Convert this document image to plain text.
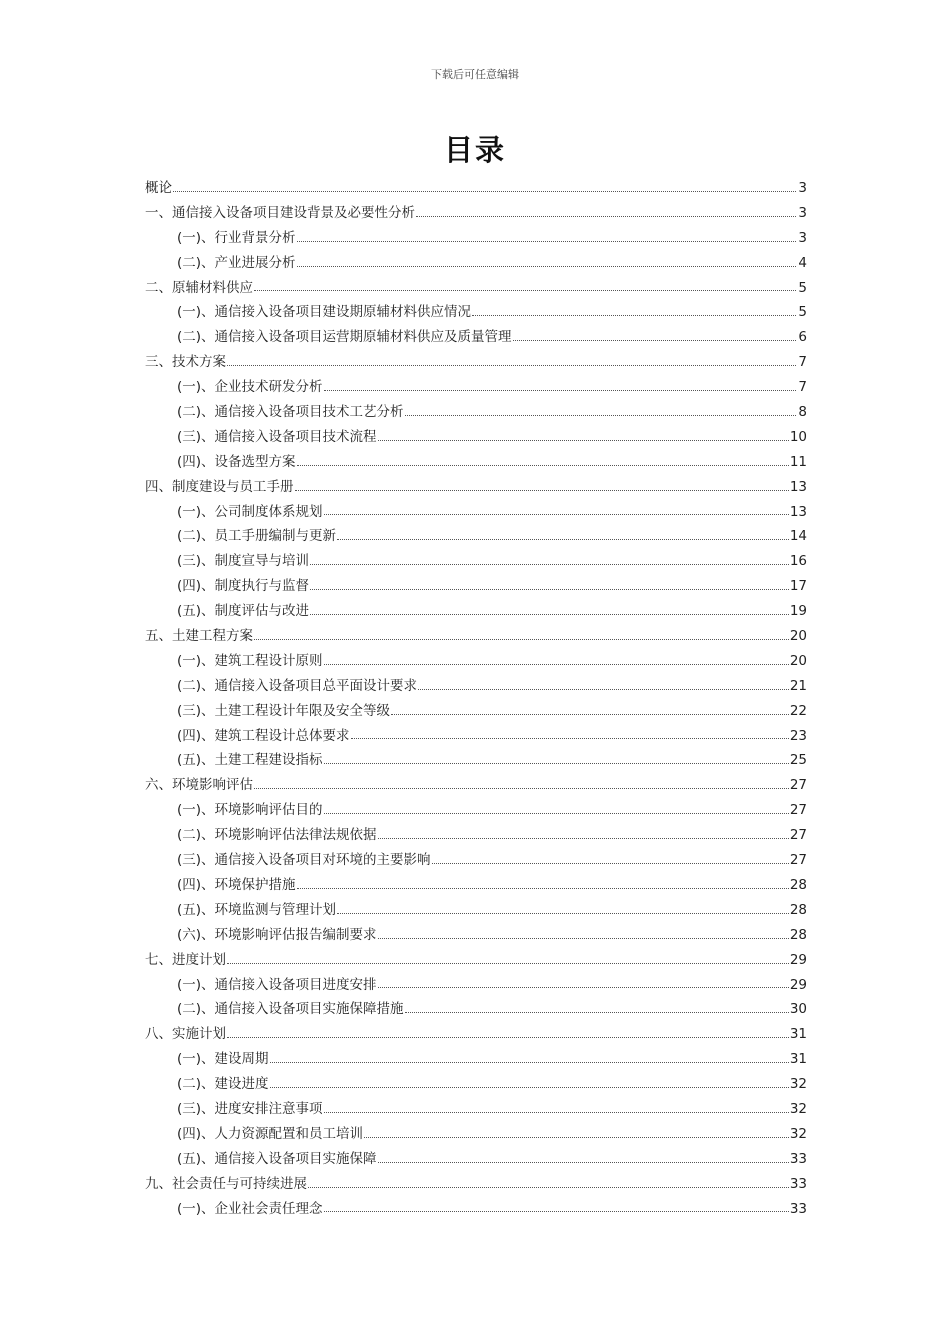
下载后可任意编辑
目录
概论	3
一、通信接入设备项目建设背景及必要性分析	3
(一)、行业背景分析	3
(二)、产业进展分析	4
二、原辅材料供应	5
(一)、通信接入设备项目建设期原辅材料供应情况	5
(二)、通信接入设备项目运营期原辅材料供应及质量管理	6
三、技术方案	7
(一)、企业技术研发分析	7
(二)、通信接入设备项目技术工艺分析	8
(三)、通信接入设备项目技术流程	10
(四)、设备选型方案	11
四、制度建设与员工手册	13
(一)、公司制度体系规划	13
(二)、员工手册编制与更新	14
(三)、制度宣导与培训	16
(四)、制度执行与监督	17
(五)、制度评估与改进	19
五、土建工程方案	20
(一)、建筑工程设计原则	20
(二)、通信接入设备项目总平面设计要求	21
(三)、土建工程设计年限及安全等级	22
(四)、建筑工程设计总体要求	23
(五)、土建工程建设指标	25
六、环境影响评估	27
(一)、环境影响评估目的	27
(二)、环境影响评估法律法规依据	27
(三)、通信接入设备项目对环境的主要影响	27
(四)、环境保护措施	28
(五)、环境监测与管理计划	28
(六)、环境影响评估报告编制要求	28
七、进度计划	29
(一)、通信接入设备项目进度安排	29
(二)、通信接入设备项目实施保障措施	30
八、实施计划	31
(一)、建设周期	31
(二)、建设进度	32
(三)、进度安排注意事项	32
(四)、人力资源配置和员工培训	32
(五)、通信接入设备项目实施保障	33
九、社会责任与可持续进展	33
(一)、企业社会责任理念	33
